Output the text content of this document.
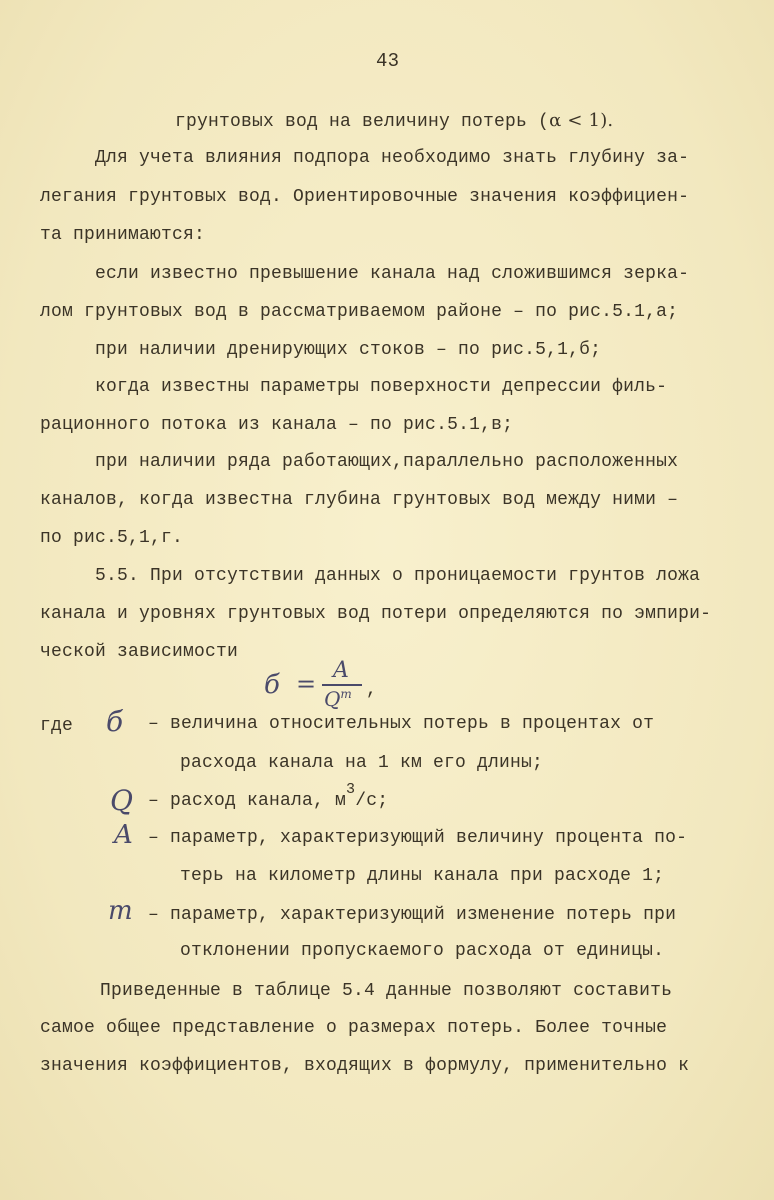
43
грунтовых вод на величину потерь (α < 1).
Для учета влияния подпора необходимо знать глубину за-
легания грунтовых вод. Ориентировочные значения коэффициен-
та принимаются:
если известно превышение канала над сложившимся зерка-
лом грунтовых вод в рассматриваемом районе – по рис.5.1,а;
при наличии дренирующих стоков – по рис.5,1,б;
когда известны параметры поверхности депрессии филь-
рационного потока из канала – по рис.5.1,в;
при наличии ряда работающих,параллельно расположенных
каналов, когда известна глубина грунтовых вод между ними –
по рис.5,1,г.
5.5. При отсутствии данных о проницаемости грунтов ложа
канала и уровнях грунтовых вод потери определяются по эмпири-
ческой зависимости
б = A
$Q^m$ ,
где б – величина относительных потерь в процентах от
расхода канала на 1 км его длины;
Q – расход канала, $м^3/с$;
A – параметр, характеризующий величину процента по-
терь на километр длины канала при расходе 1;
m – параметр, характеризующий изменение потерь при
отклонении пропускаемого расхода от единицы.
Приведенные в таблице 5.4 данные позволяют составить
самое общее представление о размерах потерь. Более точные
значения коэффициентов, входящих в формулу, применительно к
